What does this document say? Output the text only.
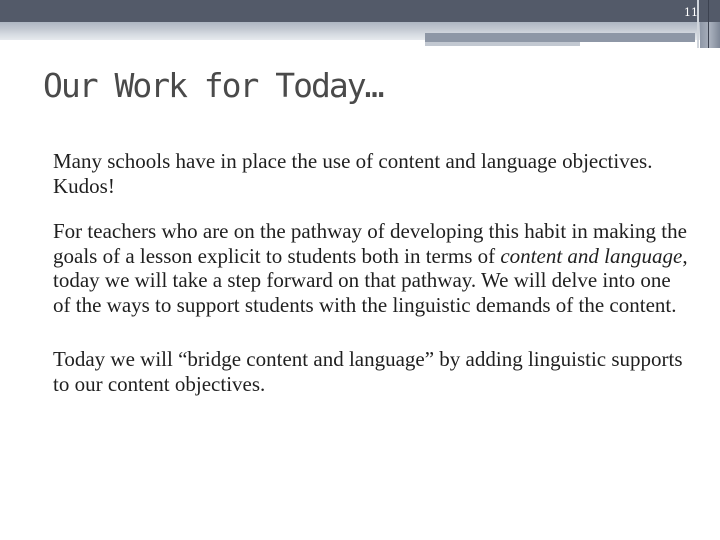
11
Our Work for Today…

Many schools have in place the use of content and language objectives. Kudos!

For teachers who are on the pathway of developing this habit in making the goals of a lesson explicit to students both in terms of content and language, today we will take a step forward on that pathway. We will delve into one of the ways to support students with the linguistic demands of the content.

Today we will “bridge content and language” by adding linguistic supports to our content objectives.
